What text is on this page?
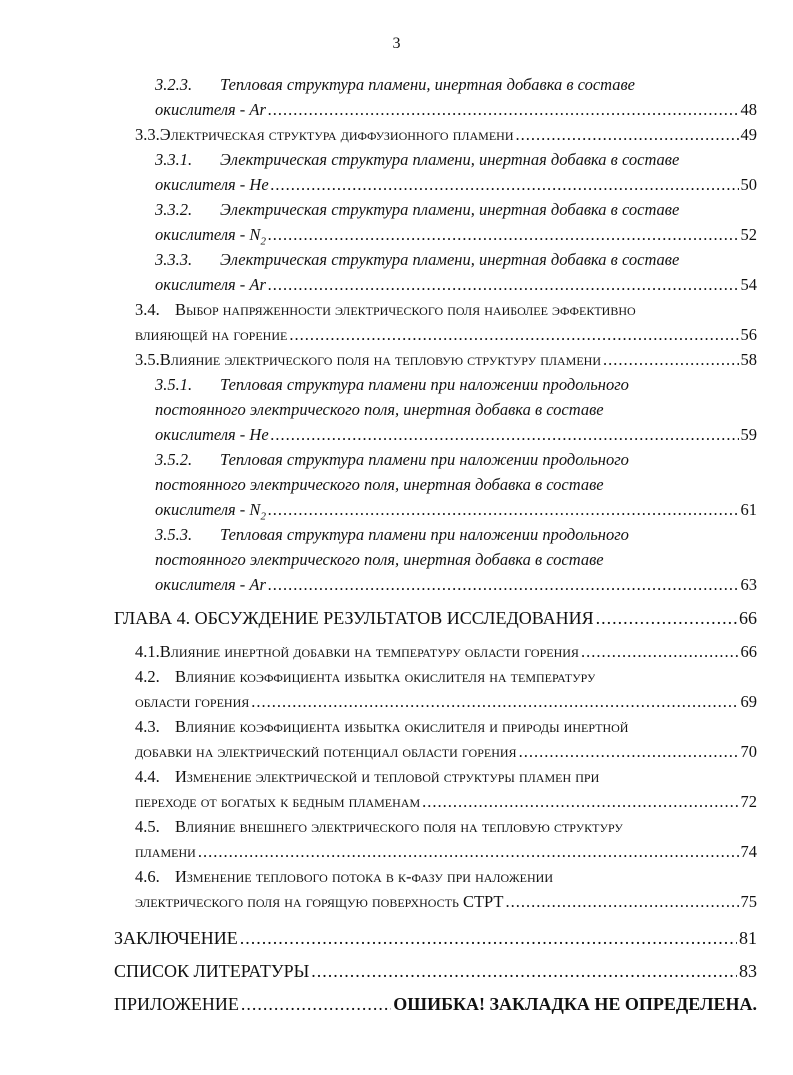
3
3.2.3.	Тепловая структура пламени, инертная добавка в составе
окислителя - Ar .....	48
3.3. Электрическая структура диффузионного пламени .....	49
3.3.1.	Электрическая структура пламени, инертная добавка в составе
окислителя - He .....	50
3.3.2.	Электрическая структура пламени, инертная добавка в составе
окислителя - $N_2$ .....	52
3.3.3.	Электрическая структура пламени, инертная добавка в составе
окислителя - Ar .....	54
3.4. Выбор напряженности электрического поля наиболее эффективно
влияющей на горение .....	56
3.5. Влияние электрического поля на тепловую структуру пламени .....	58
3.5.1.	Тепловая структура пламени при наложении продольного
постоянного электрического поля, инертная добавка в составе
окислителя - He .....	59
3.5.2.	Тепловая структура пламени при наложении продольного
постоянного электрического поля, инертная добавка в составе
окислителя - $N_2$ .....	61
3.5.3.	Тепловая структура пламени при наложении продольного
постоянного электрического поля, инертная добавка в составе
окислителя - Ar .....	63
ГЛАВА 4. ОБСУЖДЕНИЕ РЕЗУЛЬТАТОВ ИССЛЕДОВАНИЯ .....	66
4.1. Влияние инертной добавки на температуру области горения .....	66
4.2. Влияние коэффициента избытка окислителя на температуру
области горения .....	69
4.3. Влияние коэффициента избытка окислителя и природы инертной
добавки на электрический потенциал области горения .....	70
4.4. Изменение электрической и тепловой структуры пламен при
переходе от богатых к бедным пламенам .....	72
4.5. Влияние внешнего электрического поля на тепловую структуру
пламени .....	74
4.6. Изменение теплового потока в к-фазу при наложении
электрического поля на горящую поверхность СТРТ .....	75
ЗАКЛЮЧЕНИЕ .....	81
СПИСОК ЛИТЕРАТУРЫ .....	83
ПРИЛОЖЕНИЕ .....	ОШИБКА! ЗАКЛАДКА НЕ ОПРЕДЕЛЕНА.
